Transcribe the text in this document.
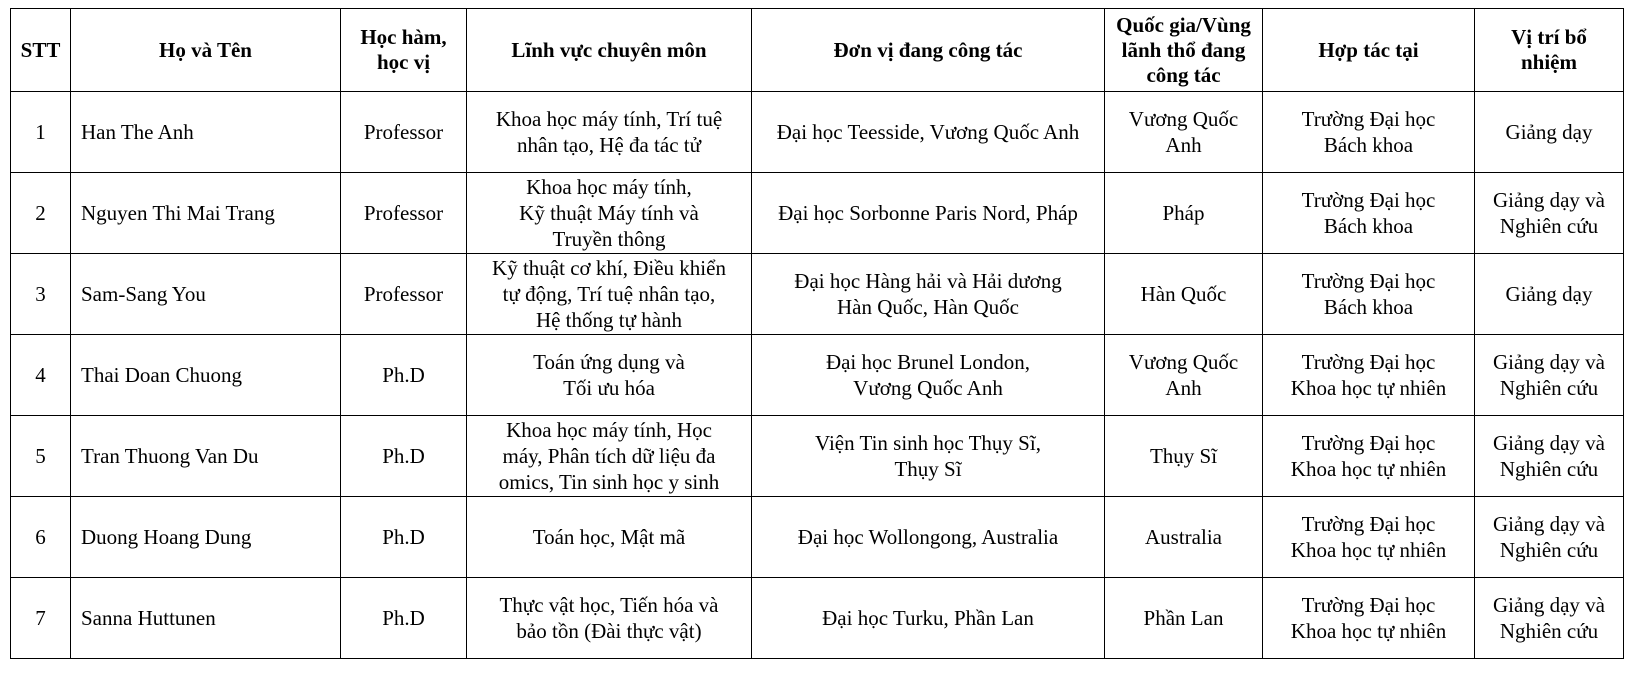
STT	Họ và Tên	Học hàm,
học vị	Lĩnh vực chuyên môn	Đơn vị đang công tác	Quốc gia/Vùng
lãnh thổ đang
công tác	Hợp tác tại	Vị trí bổ
nhiệm

1	Han The Anh	Professor	Khoa học máy tính, Trí tuệ
nhân tạo, Hệ đa tác tử	Đại học Teesside, Vương Quốc Anh	Vương Quốc
Anh	Trường Đại học
Bách khoa	Giảng dạy

2	Nguyen Thi Mai Trang	Professor	Khoa học máy tính,
Kỹ thuật Máy tính và
Truyền thông	Đại học Sorbonne Paris Nord, Pháp	Pháp	Trường Đại học
Bách khoa	Giảng dạy và
Nghiên cứu

3	Sam-Sang You	Professor	Kỹ thuật cơ khí, Điều khiển
tự động, Trí tuệ nhân tạo,
Hệ thống tự hành	Đại học Hàng hải và Hải dương
Hàn Quốc, Hàn Quốc	Hàn Quốc	Trường Đại học
Bách khoa	Giảng dạy

4	Thai Doan Chuong	Ph.D	Toán ứng dụng và
Tối ưu hóa	Đại học Brunel London,
Vương Quốc Anh	Vương Quốc
Anh	Trường Đại học
Khoa học tự nhiên	Giảng dạy và
Nghiên cứu

5	Tran Thuong Van Du	Ph.D	Khoa học máy tính, Học
máy, Phân tích dữ liệu đa
omics, Tin sinh học y sinh	Viện Tin sinh học Thụy Sĩ,
Thụy Sĩ	Thụy Sĩ	Trường Đại học
Khoa học tự nhiên	Giảng dạy và
Nghiên cứu

6	Duong Hoang Dung	Ph.D	Toán học, Mật mã	Đại học Wollongong, Australia	Australia	Trường Đại học
Khoa học tự nhiên	Giảng dạy và
Nghiên cứu

7	Sanna Huttunen	Ph.D	Thực vật học, Tiến hóa và
bảo tồn (Đài thực vật)	Đại học Turku, Phần Lan	Phần Lan	Trường Đại học
Khoa học tự nhiên	Giảng dạy và
Nghiên cứu
